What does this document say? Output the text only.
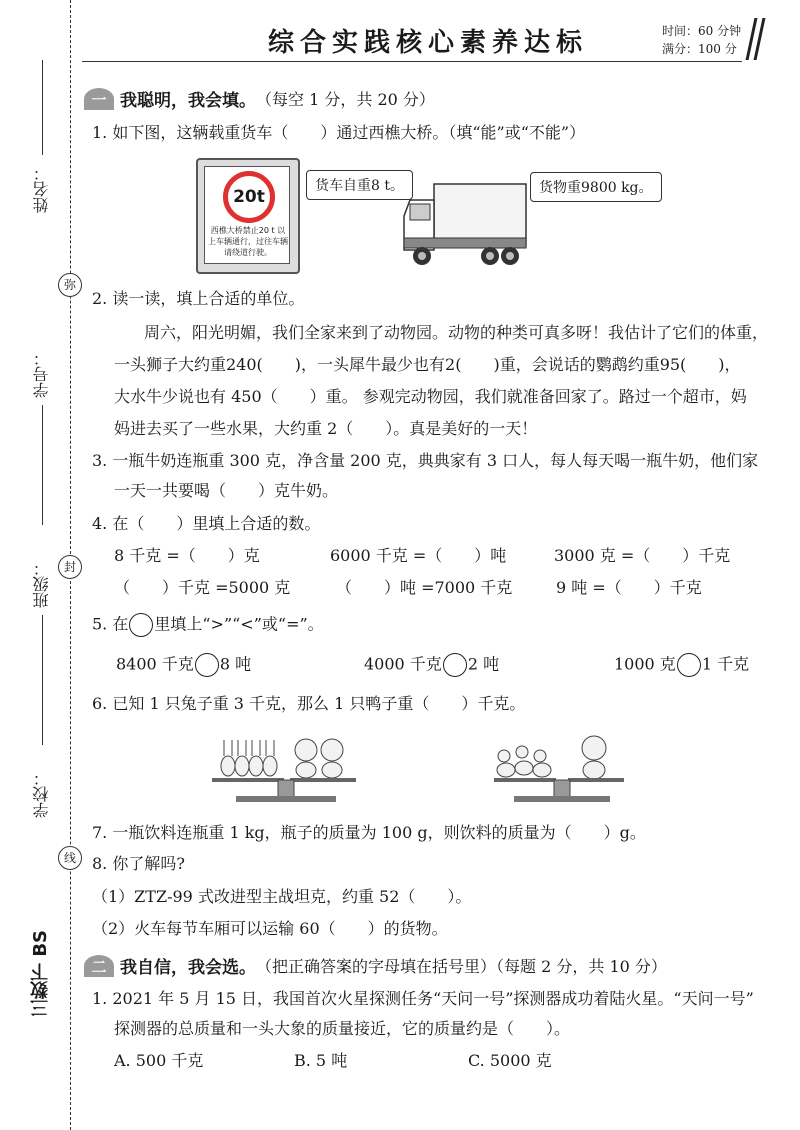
姓名：
弥
学号：
封
班级：
学校：
线
三数下 BS
综合实践核心素养达标	时间：60 分钟
满分：100 分
一 我聪明，我会填。 （每空 1 分，共 20 分）
1. 如下图，这辆载重货车（　　）通过西樵大桥。（填“能”或“不能”）
20t
西樵大桥禁止20 t 以上车辆通行，过往车辆请绕道行驶。
货车自重8 t。	货物重9800 kg。
2. 读一读，填上合适的单位。
周六，阳光明媚，我们全家来到了动物园。动物的种类可真多呀！我估计了它们的体重，
一头狮子大约重240(　　)，一头犀牛最少也有2(　　)重，会说话的鹦鹉约重95(　　)，
大水牛少说也有 450（　　）重。 参观完动物园，我们就准备回家了。路过一个超市，妈
妈进去买了一些水果，大约重 2（　　）。真是美好的一天！
3. 一瓶牛奶连瓶重 300 克，净含量 200 克，典典家有 3 口人，每人每天喝一瓶牛奶，他们家
一天一共要喝（　　）克牛奶。
4. 在（　　）里填上合适的数。
8 千克 =（　　）克	6000 千克 =（　　）吨	3000 克 =（　　）千克
（　　）千克 =5000 克	（　　）吨 =7000 千克	9 吨 =（　　）千克
5. 在 里填上“>”“<”或“=”。
8400 千克 8 吨	4000 千克 2 吨	1000 克 1 千克
6. 已知 1 只兔子重 3 千克，那么 1 只鸭子重（　　）千克。
7. 一瓶饮料连瓶重 1 kg，瓶子的质量为 100 g，则饮料的质量为（　　）g。
8. 你了解吗?
（1）ZTZ-99 式改进型主战坦克，约重 52（　　）。
（2）火车每节车厢可以运输 60（　　）的货物。
二 我自信，我会选。 （把正确答案的字母填在括号里）（每题 2 分，共 10 分）
1. 2021 年 5 月 15 日，我国首次火星探测任务“天问一号”探测器成功着陆火星。“天问一号”
探测器的总质量和一头大象的质量接近，它的质量约是（　　）。
A. 500 千克	B. 5 吨	C. 5000 克
